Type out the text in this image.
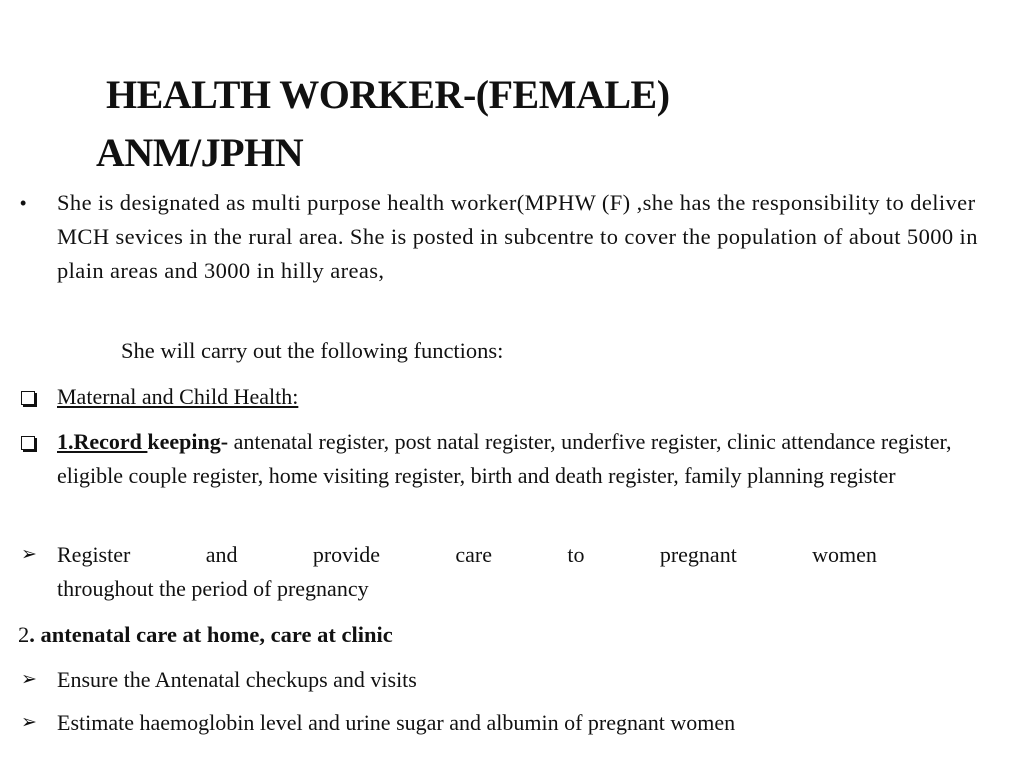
HEALTH WORKER-(FEMALE)
ANM/JPHN
•	She is designated as multi purpose health worker(MPHW (F) ,she has the responsibility to deliver MCH sevices in the rural area. She is posted in subcentre to cover the population of about 5000 in plain areas and 3000 in hilly areas,
She will carry out the following functions:
Maternal and Child Health:
1.Record keeping- antenatal register, post natal register, underfive register, clinic attendance register, eligible couple register, home visiting register, birth and death register, family planning register
➢ Register	and	provide	care	to	pregnant	women
throughout the period of pregnancy
2. antenatal care at home, care at clinic
➢ Ensure the Antenatal checkups and visits
➢ Estimate haemoglobin level and urine sugar and albumin of pregnant women
